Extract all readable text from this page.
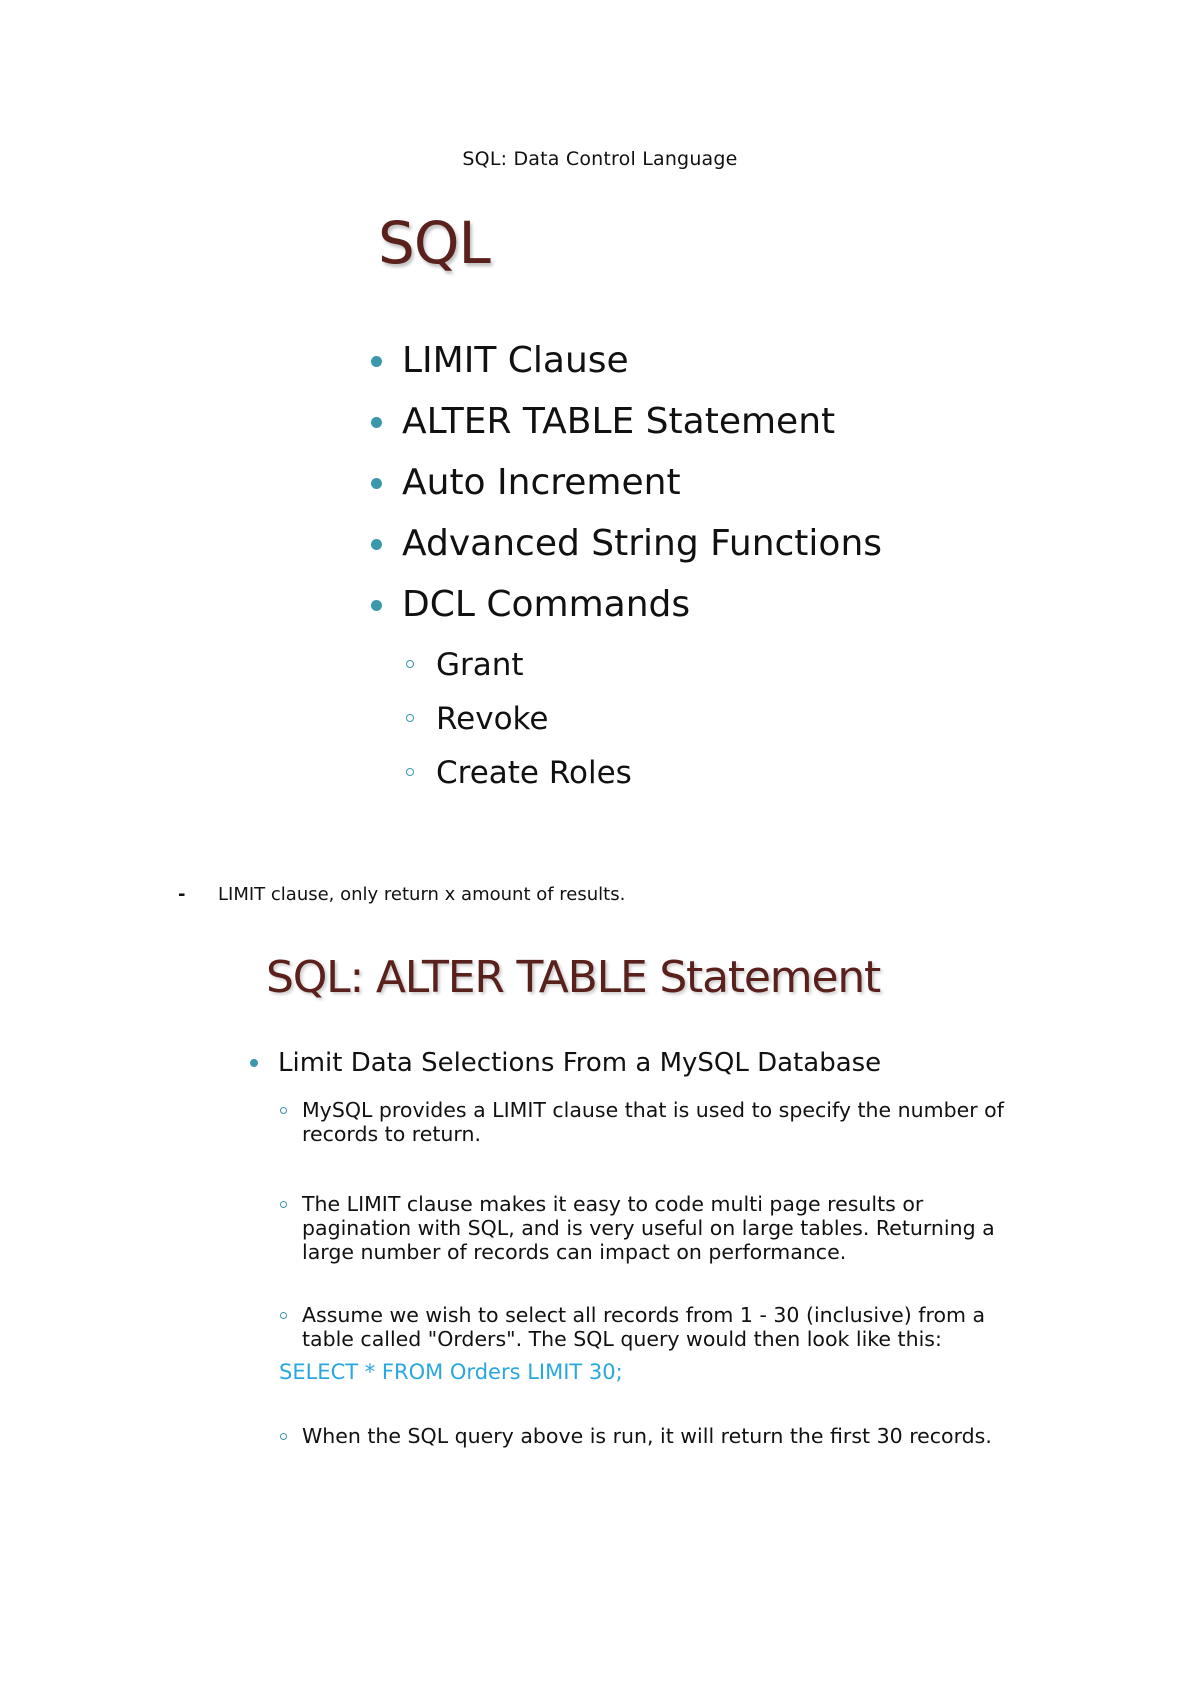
SQL: Data Control Language
SQL
LIMIT Clause
ALTER TABLE Statement
Auto Increment
Advanced String Functions
DCL Commands
Grant
Revoke
Create Roles
- LIMIT clause, only return x amount of results.
SQL: ALTER TABLE Statement
Limit Data Selections From a MySQL Database
MySQL provides a LIMIT clause that is used to specify the number of records to return.
The LIMIT clause makes it easy to code multi page results or pagination with SQL, and is very useful on large tables. Returning a large number of records can impact on performance.
Assume we wish to select all records from 1 - 30 (inclusive) from a table called "Orders". The SQL query would then look like this:
SELECT * FROM Orders LIMIT 30;
When the SQL query above is run, it will return the first 30 records.
